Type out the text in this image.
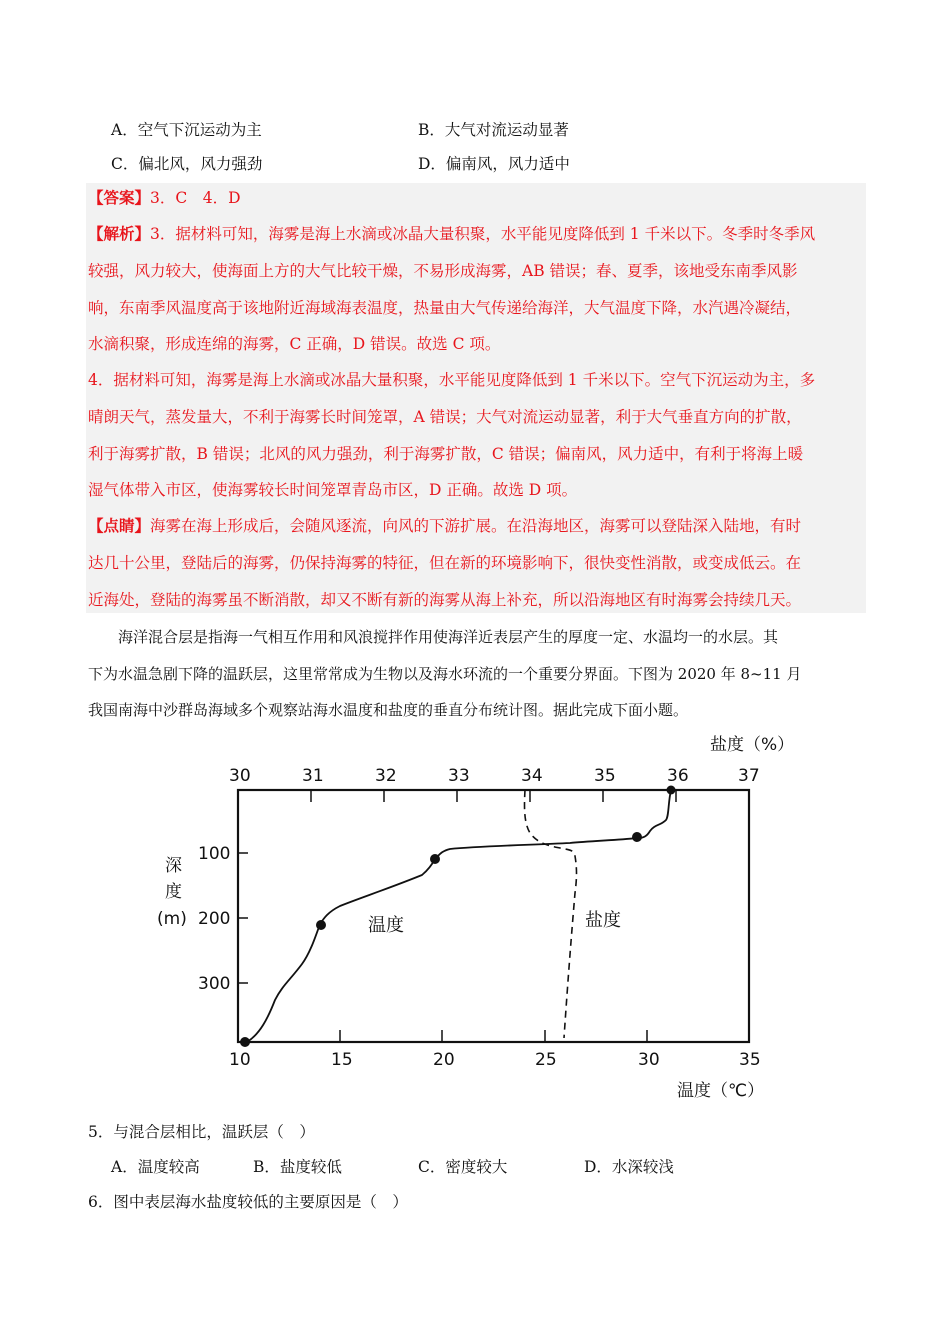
A．空气下沉运动为主	B．大气对流运动显著
C．偏北风，风力强劲	D．偏南风，风力适中
【答案】3．C　4．D
【解析】3．据材料可知，海雾是海上水滴或冰晶大量积聚，水平能见度降低到 1 千米以下。冬季时冬季风
较强，风力较大，使海面上方的大气比较干燥，不易形成海雾，AB 错误；春、夏季，该地受东南季风影
响，东南季风温度高于该地附近海域海表温度，热量由大气传递给海洋，大气温度下降，水汽遇冷凝结，
水滴积聚，形成连绵的海雾，C 正确，D 错误。故选 C 项。
4．据材料可知，海雾是海上水滴或冰晶大量积聚，水平能见度降低到 1 千米以下。空气下沉运动为主，多
晴朗天气，蒸发量大，不利于海雾长时间笼罩，A 错误；大气对流运动显著，利于大气垂直方向的扩散，
利于海雾扩散，B 错误；北风的风力强劲，利于海雾扩散，C 错误；偏南风，风力适中，有利于将海上暖
湿气体带入市区，使海雾较长时间笼罩青岛市区，D 正确。故选 D 项。
【点睛】海雾在海上形成后，会随风逐流，向风的下游扩展。在沿海地区，海雾可以登陆深入陆地，有时
达几十公里，登陆后的海雾，仍保持海雾的特征，但在新的环境影响下，很快变性消散，或变成低云。在
近海处，登陆的海雾虽不断消散，却又不断有新的海雾从海上补充，所以沿海地区有时海雾会持续几天。
海洋混合层是指海一气相互作用和风浪搅拌作用使海洋近表层产生的厚度一定、水温均一的水层。其
下为水温急剧下降的温跃层，这里常常成为生物以及海水环流的一个重要分界面。下图为 2020 年 8~11 月
我国南海中沙群岛海域多个观察站海水温度和盐度的垂直分布统计图。据此完成下面小题。
盐度（%）
30	31	32	33	34	35	36	37
10	15	20	25	30	35
温度（℃）
100
200
300
深
度
(m)	温度	盐度
5．与混合层相比，温跃层（　）
A．温度较高	B．盐度较低	C．密度较大	D．水深较浅
6．图中表层海水盐度较低的主要原因是（　）
